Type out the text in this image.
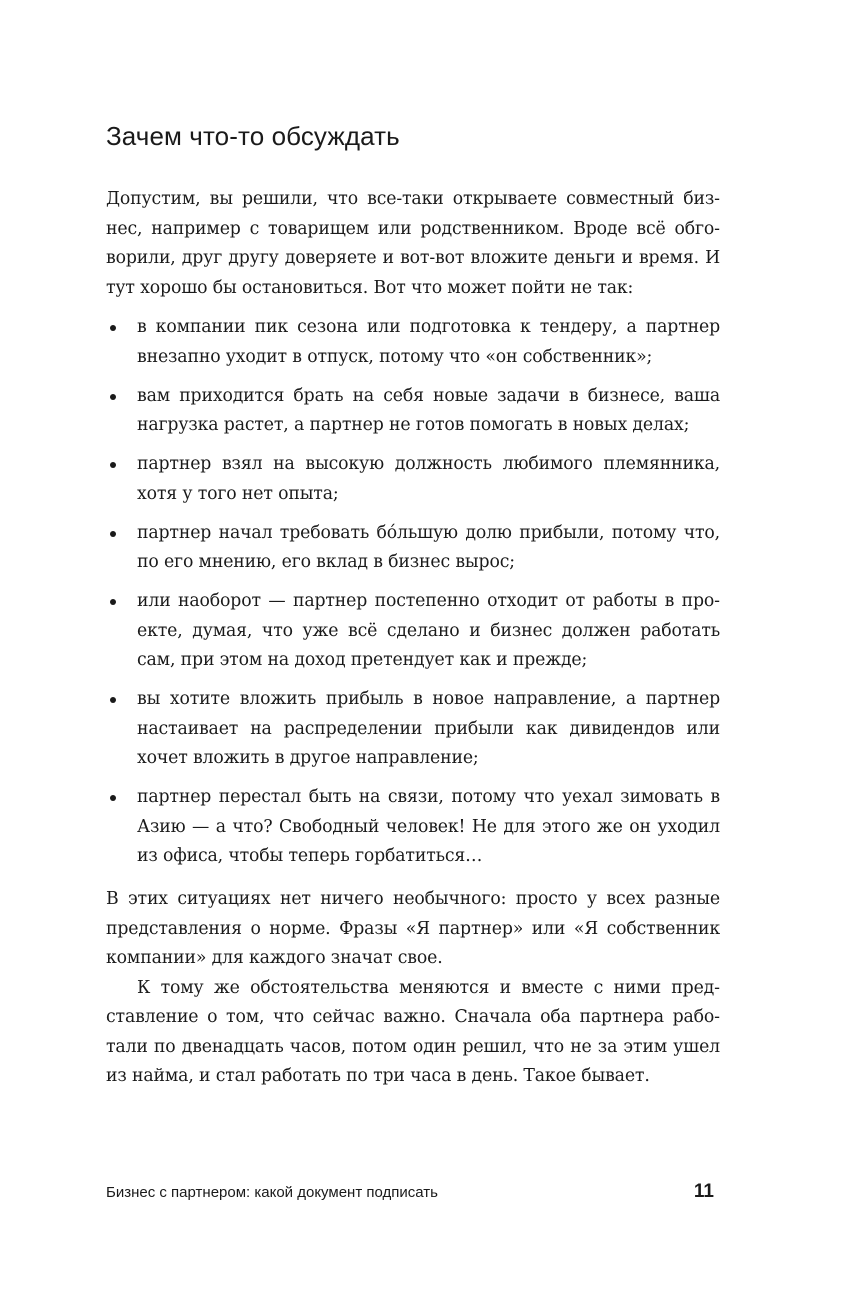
Зачем что-то обсуждать

Допустим, вы решили, что все-таки открываете совместный бизнес, например с товарищем или родственником. Вроде всё обговорили, друг другу доверяете и вот-вот вложите деньги и время. И тут хорошо бы остановиться. Вот что может пойти не так:

в компании пик сезона или подготовка к тендеру, а партнер внезапно уходит в отпуск, потому что «он собственник»;
вам приходится брать на себя новые задачи в бизнесе, ваша нагрузка растет, а партнер не готов помогать в новых делах;
партнер взял на высокую должность любимого племянника, хотя у того нет опыта;
партнер начал требовать бóльшую долю прибыли, потому что, по его мнению, его вклад в бизнес вырос;
или наоборот — партнер постепенно отходит от работы в проекте, думая, что уже всё сделано и бизнес должен работать сам, при этом на доход претендует как и прежде;
вы хотите вложить прибыль в новое направление, а партнер настаивает на распределении прибыли как дивидендов или хочет вложить в другое направление;
партнер перестал быть на связи, потому что уехал зимовать в Азию — а что? Свободный человек! Не для этого же он уходил из офиса, чтобы теперь горбатиться…

В этих ситуациях нет ничего необычного: просто у всех разные представления о норме. Фразы «Я партнер» или «Я собственник компании» для каждого значат свое.

К тому же обстоятельства меняются и вместе с ними представление о том, что сейчас важно. Сначала оба партнера работали по двенадцать часов, потом один решил, что не за этим ушел из найма, и стал работать по три часа в день. Такое бывает.

Бизнес с партнером: какой документ подписать	11
